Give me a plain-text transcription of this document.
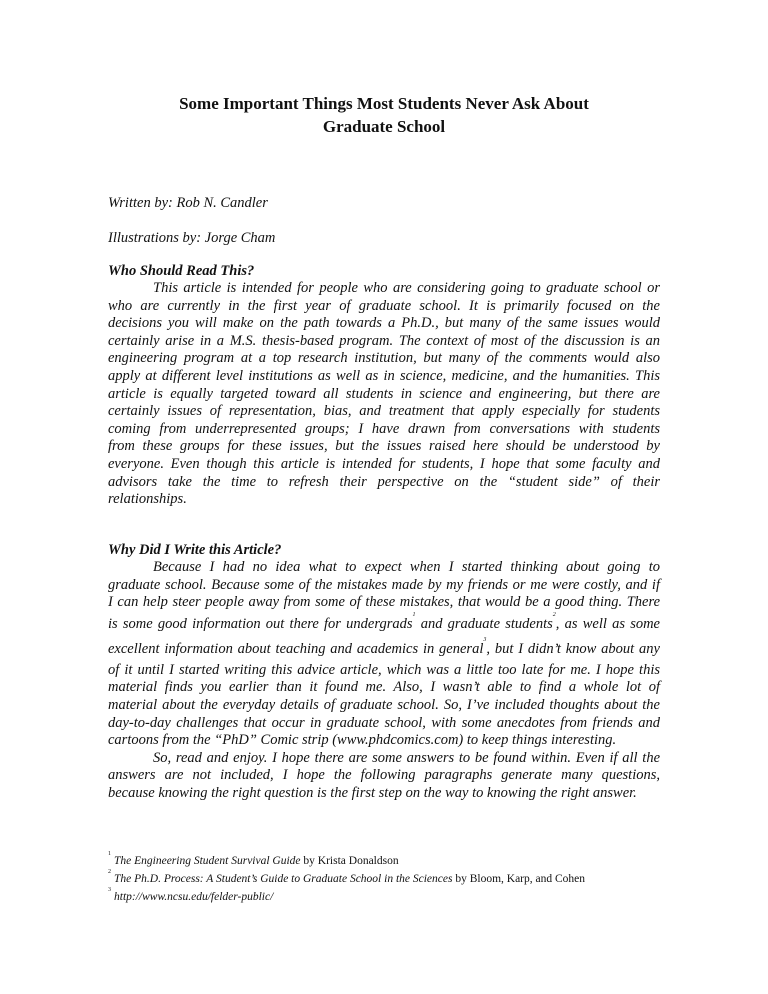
Some Important Things Most Students Never Ask About
Graduate School
Written by: Rob N. Candler
Illustrations by: Jorge Cham
Who Should Read This?
This article is intended for people who are considering going to graduate school or
who are currently in the first year of graduate school. It is primarily focused on the
decisions you will make on the path towards a Ph.D., but many of the same issues would
certainly arise in a M.S. thesis-based program. The context of most of the discussion is an
engineering program at a top research institution, but many of the comments would also
apply at different level institutions as well as in science, medicine, and the humanities. This
article is equally targeted toward all students in science and engineering, but there are
certainly issues of representation, bias, and treatment that apply especially for students
coming from underrepresented groups; I have drawn from conversations with students
from these groups for these issues, but the issues raised here should be understood by
everyone. Even though this article is intended for students, I hope that some faculty and
advisors take the time to refresh their perspective on the “student side” of their
relationships.
Why Did I Write this Article?
Because I had no idea what to expect when I started thinking about going to
graduate school. Because some of the mistakes made by my friends or me were costly, and if
I can help steer people away from some of these mistakes, that would be a good thing. There
is some good information out there for undergrads$^1$ and graduate students$^2$, as well as some
excellent information about teaching and academics in general$^3$, but I didn’t know about any
of it until I started writing this advice article, which was a little too late for me. I hope this
material finds you earlier than it found me. Also, I wasn’t able to find a whole lot of
material about the everyday details of graduate school. So, I’ve included thoughts about the
day-to-day challenges that occur in graduate school, with some anecdotes from friends and
cartoons from the “PhD” Comic strip (www.phdcomics.com) to keep things interesting.
So, read and enjoy. I hope there are some answers to be found within. Even if all the
answers are not included, I hope the following paragraphs generate many questions,
because knowing the right question is the first step on the way to knowing the right answer.
1
The Engineering Student Survival Guide by Krista Donaldson
2
The Ph.D. Process: A Student’s Guide to Graduate School in the Sciences by Bloom, Karp, and Cohen
3
http://www.ncsu.edu/felder-public/
